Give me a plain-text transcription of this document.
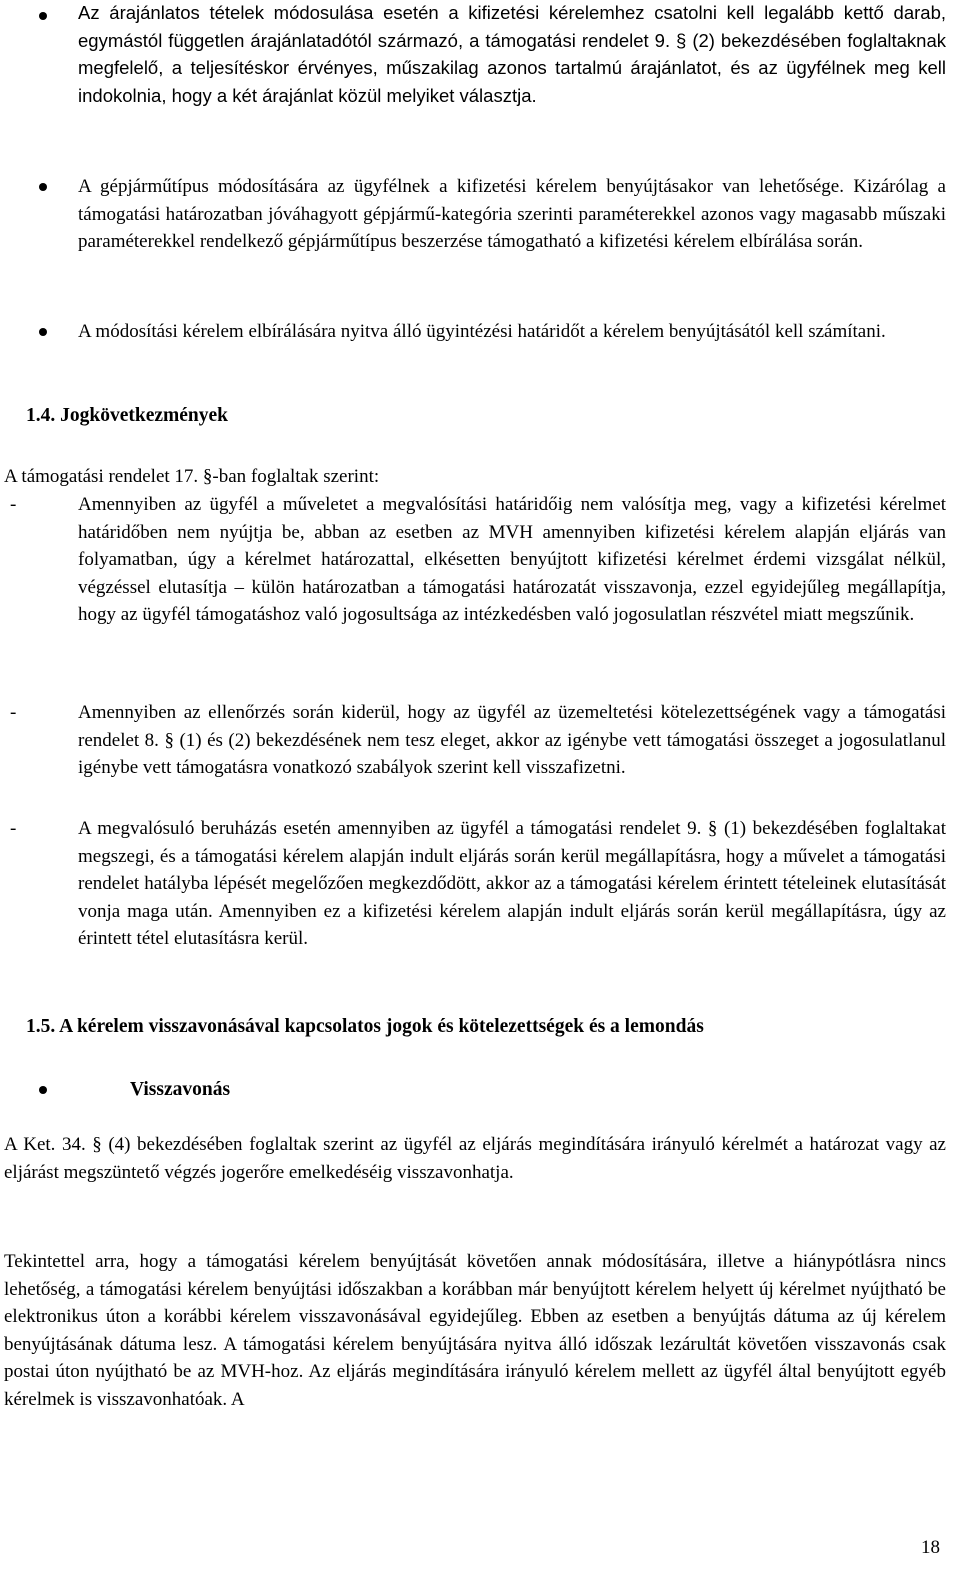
Az árajánlatos tételek módosulása esetén a kifizetési kérelemhez csatolni kell legalább kettő darab, egymástól független árajánlatadótól származó, a támogatási rendelet 9. § (2) bekezdésében foglaltaknak megfelelő, a teljesítéskor érvényes, műszakilag azonos tartalmú árajánlatot, és az ügyfélnek meg kell indokolnia, hogy a két árajánlat közül melyiket választja.

A gépjárműtípus módosítására az ügyfélnek a kifizetési kérelem benyújtásakor van lehetősége. Kizárólag a támogatási határozatban jóváhagyott gépjármű-kategória szerinti paraméterekkel azonos vagy magasabb műszaki paraméterekkel rendelkező gépjárműtípus beszerzése támogatható a kifizetési kérelem elbírálása során.

A módosítási kérelem elbírálására nyitva álló ügyintézési határidőt a kérelem benyújtásától kell számítani.

1.4. Jogkövetkezmények

A támogatási rendelet 17. §-ban foglaltak szerint:

-	Amennyiben az ügyfél a műveletet a megvalósítási határidőig nem valósítja meg, vagy a kifizetési kérelmet határidőben nem nyújtja be, abban az esetben az MVH amennyiben kifizetési kérelem alapján eljárás van folyamatban, úgy a kérelmet határozattal, elkésetten benyújtott kifizetési kérelmet érdemi vizsgálat nélkül, végzéssel elutasítja – külön határozatban a támogatási határozatát visszavonja, ezzel egyidejűleg megállapítja, hogy az ügyfél támogatáshoz való jogosultsága az intézkedésben való jogosulatlan részvétel miatt megszűnik.

-	Amennyiben az ellenőrzés során kiderül, hogy az ügyfél az üzemeltetési kötelezettségének vagy a támogatási rendelet 8. § (1) és (2) bekezdésének nem tesz eleget, akkor az igénybe vett támogatási összeget a jogosulatlanul igénybe vett támogatásra vonatkozó szabályok szerint kell visszafizetni.

-	A megvalósuló beruházás esetén amennyiben az ügyfél a támogatási rendelet 9. § (1) bekezdésében foglaltakat megszegi, és a támogatási kérelem alapján indult eljárás során kerül megállapításra, hogy a művelet a támogatási rendelet hatályba lépését megelőzően megkezdődött, akkor az a támogatási kérelem érintett tételeinek elutasítását vonja maga után. Amennyiben ez a kifizetési kérelem alapján indult eljárás során kerül megállapításra, úgy az érintett tétel elutasításra kerül.

1.5. A kérelem visszavonásával kapcsolatos jogok és kötelezettségek és a lemondás
Visszavonás

A Ket. 34. § (4) bekezdésében foglaltak szerint az ügyfél az eljárás megindítására irányuló kérelmét a határozat vagy az eljárást megszüntető végzés jogerőre emelkedéséig visszavonhatja.

Tekintettel arra, hogy a támogatási kérelem benyújtását követően annak módosítására, illetve a hiánypótlásra nincs lehetőség, a támogatási kérelem benyújtási időszakban a korábban már benyújtott kérelem helyett új kérelmet nyújtható be elektronikus úton a korábbi kérelem visszavonásával egyidejűleg. Ebben az esetben a benyújtás dátuma az új kérelem benyújtásának dátuma lesz. A támogatási kérelem benyújtására nyitva álló időszak lezárultát követően visszavonás csak postai úton nyújtható be az MVH-hoz. Az eljárás megindítására irányuló kérelem mellett az ügyfél által benyújtott egyéb kérelmek is visszavonhatóak. A

18
